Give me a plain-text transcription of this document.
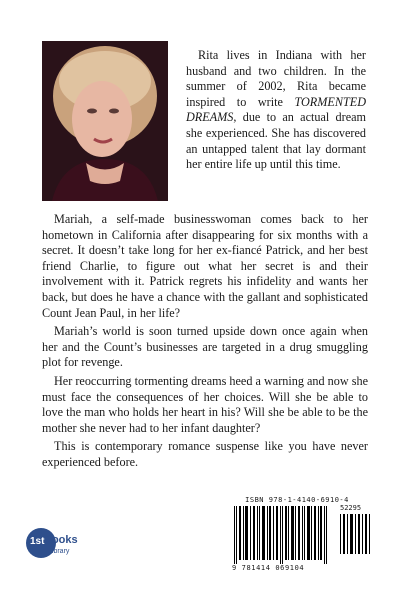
Rita lives in Indiana with her husband and two children. In the summer of 2002, Rita became inspired to write TORMENTED DREAMS, due to an actual dream she experienced. She has discovered an untapped talent that lay dormant her entire life up until this time.

Mariah, a self-made businesswoman comes back to her hometown in California after disappearing for six months with a secret. It doesn’t take long for her ex-fiancé Patrick, and her best friend Charlie, to figure out what her secret is and their involvement with it. Patrick regrets his infidelity and wants her back, but does he have a chance with the gallant and sophisticated Count Jean Paul, in her life?

Mariah’s world is soon turned upside down once again when her and the Count’s businesses are targeted in a drug smuggling plot for revenge.

Her reoccurring tormenting dreams heed a warning and now she must face the consequences of her choices. Will she be able to love the man who holds her heart in his? Will she be able to be the mother she never had to her infant daughter?

This is contemporary romance suspense like you have never experienced before.

1st Books
Library
ISBN 978-1-4140-6910-4
52295
9 781414 069104
